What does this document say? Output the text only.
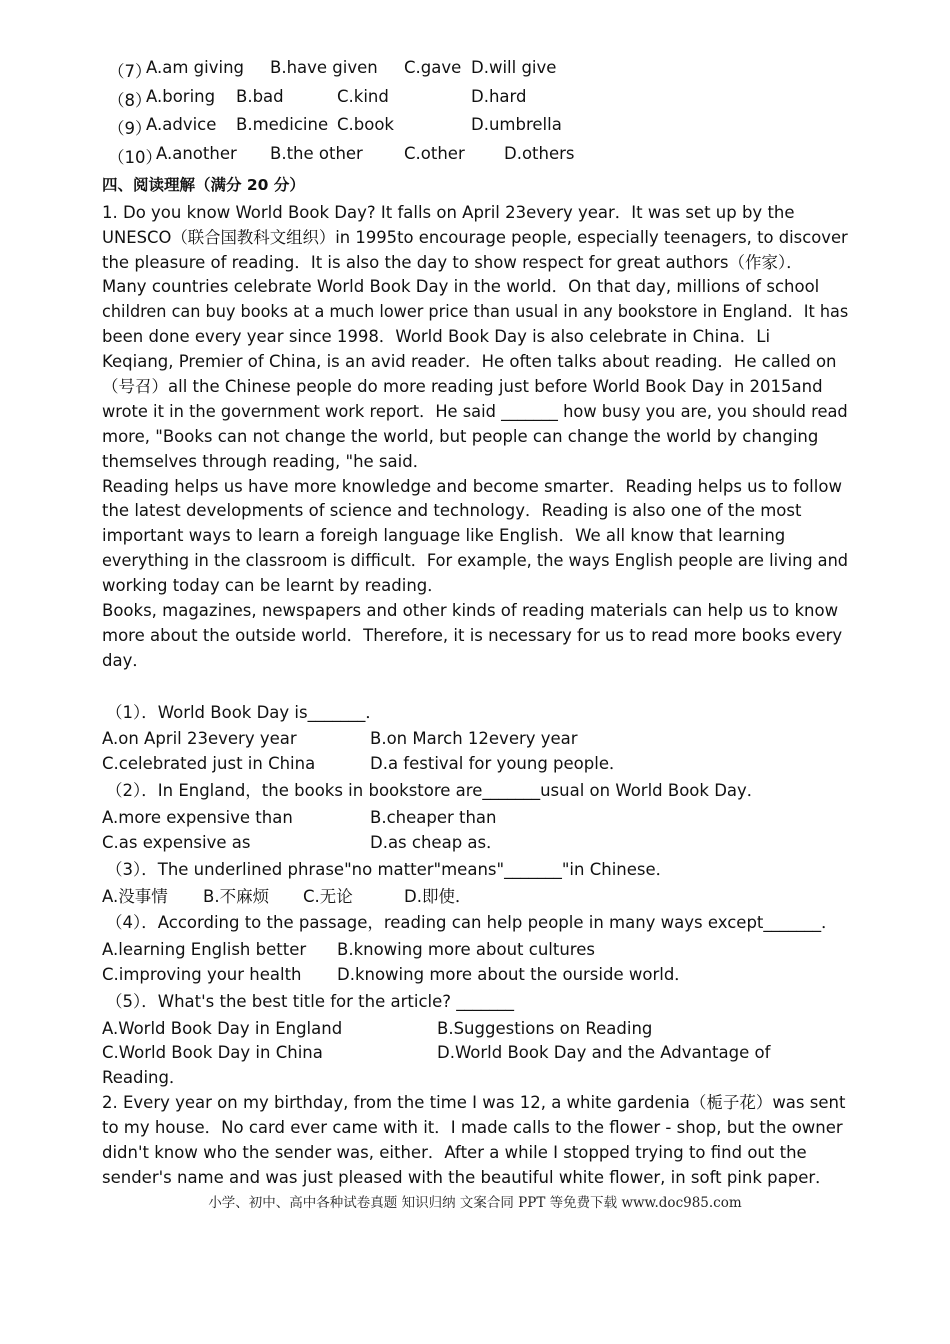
（7）
A.am giving B.have given C.gave D.will give
（8）
A.boring B.bad	C.kind	D.hard
（9）
A.advice B.medicine C.book	D.umbrella
（10）
A.another B.the other C.other D.others
四、阅读理解（满分 20 分）
1. Do you know World Book Day? It falls on April 23every year．It was set up by the
UNESCO（联合国教科文组织）in 1995to encourage people, especially teenagers, to discover
the pleasure of reading．It is also the day to show respect for great authors（作家）．
Many countries celebrate World Book Day in the world．On that day, millions of school
children can buy books at a much lower price than usual in any bookstore in England．It has
been done every year since 1998．World Book Day is also celebrate in China．Li
Keqiang, Premier of China, is an avid reader．He often talks about reading．He called on
（号召）all the Chinese people do more reading just before World Book Day in 2015and
wrote it in the government work report．He said _______ how busy you are, you should read
more, "Books can not change the world, but people can change the world by changing
themselves through reading, "he said．
Reading helps us have more knowledge and become smarter．Reading helps us to follow
the latest developments of science and technology．Reading is also one of the most
important ways to learn a foreigh language like English．We all know that learning
everything in the classroom is difficult．For example, the ways English people are living and
working today can be learnt by reading．
Books, magazines, newspapers and other kinds of reading materials can help us to know
more about the outside world．Therefore, it is necessary for us to read more books every
day．
（1）．World Book Day is_______．
A.on April 23every year	B.on March 12every year
C.celebrated just in China	D.a festival for young people．
（2）．In England，the books in bookstore are_______usual on World Book Day．
A.more expensive than	B.cheaper than
C.as expensive as	D.as cheap as．
（3）．The underlined phrase"no matter"means"_______"in Chinese．
A.没事情 B.不麻烦 C.无论	D.即使．
（4）．According to the passage，reading can help people in many ways except_______．
A.learning English better B.knowing more about cultures
C.improving your health D.knowing more about the ourside world．
（5）．What's the best title for the article? _______
A.World Book Day in England	B.Suggestions on Reading
C.World Book Day in China	D.World Book Day and the Advantage of
Reading．
2. Every year on my birthday, from the time I was 12, a white gardenia（栀子花）was sent
to my house．No card ever came with it．I made calls to the flower - shop, but the owner
didn't know who the sender was, either．After a while I stopped trying to find out the
sender's name and was just pleased with the beautiful white flower, in soft pink paper．
小学、初中、高中各种试卷真题 知识归纳 文案合同 PPT 等免费下载 www.doc985.com
